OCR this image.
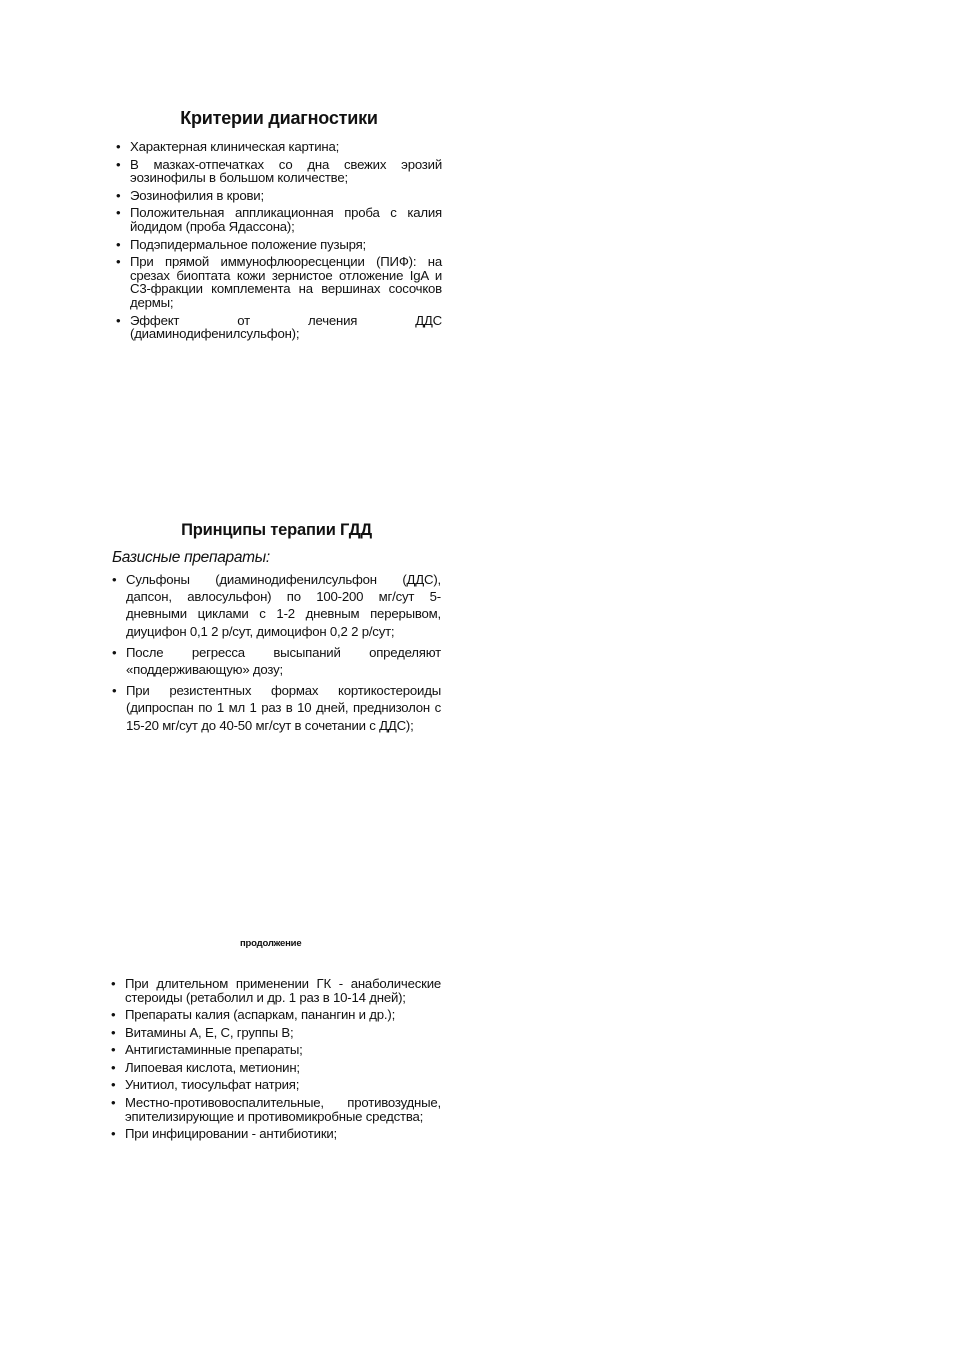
Критерии диагностики
• Характерная клиническая картина;
• В мазках-отпечатках со дна свежих эрозий эозинофилы в большом количестве;
• Эозинофилия в крови;
• Положительная аппликационная проба с калия йодидом (проба Ядассона);
• Подэпидермальное положение пузыря;
• При прямой иммунофлюоресценции (ПИФ): на срезах биоптата кожи зернистое отложение IgA и C3-фракции комплемента на вершинах сосочков дермы;
• Эффект от лечения ДДС (диаминодифенилсульфон);
Принципы терапии ГДД
Базисные препараты:
• Сульфоны (диаминодифенилсульфон (ДДС), дапсон, авлосульфон) по 100-200 мг/сут 5-дневными циклами с 1-2 дневным перерывом, диуцифон 0,1 2 р/сут, димоцифон 0,2 2 р/сут;
• После регресса высыпаний определяют «поддерживающую» дозу;
• При резистентных формах кортикостероиды (дипроспан по 1 мл 1 раз в 10 дней, преднизолон с 15-20 мг/сут до 40-50 мг/сут в сочетании с ДДС);
продолжение
• При длительном применении ГК - анаболические стероиды (ретаболил и др. 1 раз в 10-14 дней);
• Препараты калия (аспаркам, панангин и др.);
• Витамины А, Е, С, группы В;
• Антигистаминные препараты;
• Липоевая кислота, метионин;
• Унитиол, тиосульфат натрия;
• Местно-противовоспалительные, противозудные, эпителизирующие и противомикробные средства;
• При инфицировании - антибиотики;
